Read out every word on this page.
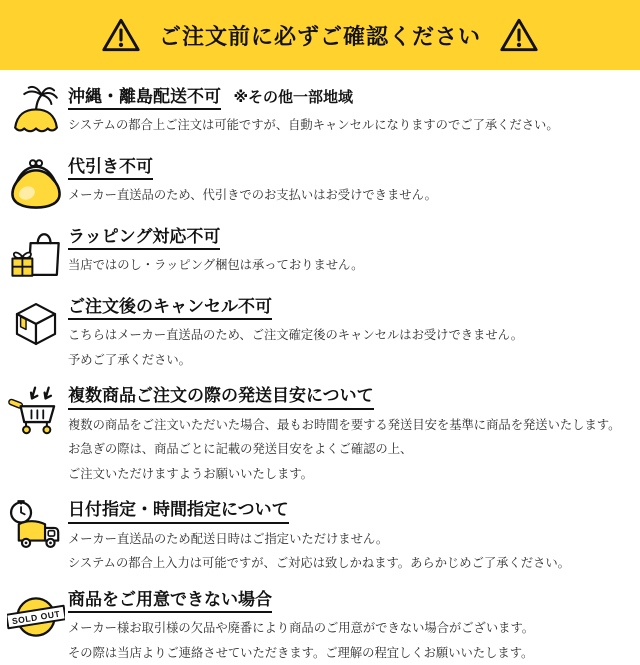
ご注文前に必ずご確認ください
沖縄・離島配送不可 ※その他一部地域
システムの都合上ご注文は可能ですが、自動キャンセルになりますのでご了承ください。
代引き不可
メーカー直送品のため、代引きでのお支払いはお受けできません。
ラッピング対応不可
当店ではのし・ラッピング梱包は承っておりません。
ご注文後のキャンセル不可
こちらはメーカー直送品のため、ご注文確定後のキャンセルはお受けできません。
予めご了承ください。
複数商品ご注文の際の発送目安について
複数の商品をご注文いただいた場合、最もお時間を要する発送目安を基準に商品を発送いたします。
お急ぎの際は、商品ごとに記載の発送目安をよくご確認の上、
ご注文いただけますようお願いいたします。
日付指定・時間指定について
メーカー直送品のため配送日時はご指定いただけません。
システムの都合上入力は可能ですが、ご対応は致しかねます。あらかじめご了承ください。
SOLD OUT
商品をご用意できない場合
メーカー様お取引様の欠品や廃番により商品のご用意ができない場合がございます。
その際は当店よりご連絡させていただきます。ご理解の程宜しくお願いいたします。
